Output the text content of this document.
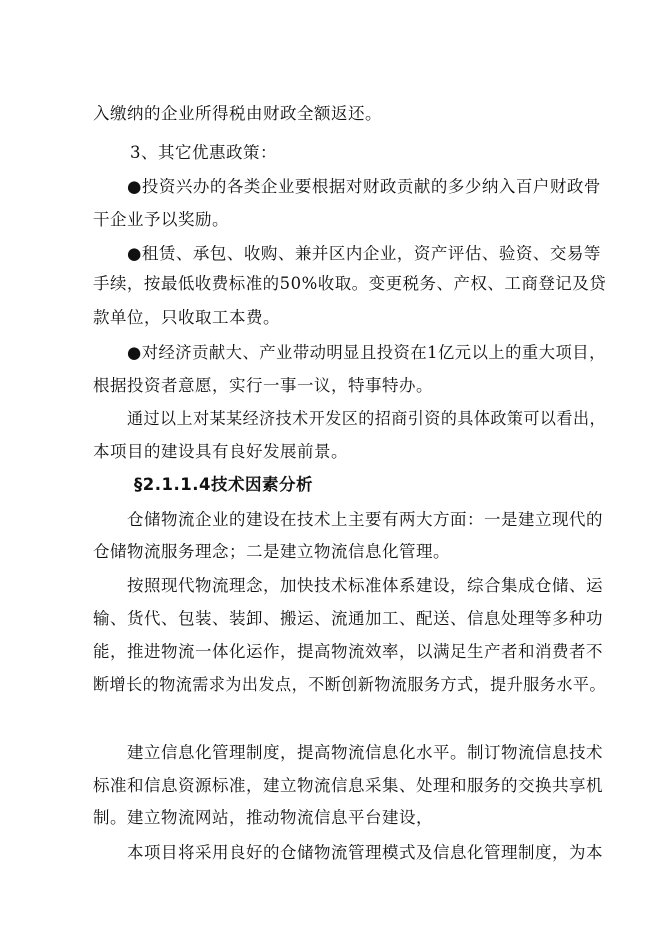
入缴纳的企业所得税由财政全额返还。
3、其它优惠政策：
●投资兴办的各类企业要根据对财政贡献的多少纳入百户财政骨
干企业予以奖励。
●租赁、承包、收购、兼并区内企业，资产评估、验资、交易等
手续，按最低收费标准的50%收取。变更税务、产权、工商登记及贷
款单位，只收取工本费。
●对经济贡献大、产业带动明显且投资在1亿元以上的重大项目，
根据投资者意愿，实行一事一议，特事特办。
通过以上对某某经济技术开发区的招商引资的具体政策可以看出，
本项目的建设具有良好发展前景。
§2.1.1.4技术因素分析
仓储物流企业的建设在技术上主要有两大方面：一是建立现代的
仓储物流服务理念；二是建立物流信息化管理。
按照现代物流理念，加快技术标准体系建设，综合集成仓储、运
输、货代、包装、装卸、搬运、流通加工、配送、信息处理等多种功
能，推进物流一体化运作，提高物流效率，以满足生产者和消费者不
断增长的物流需求为出发点，不断创新物流服务方式，提升服务水平。
建立信息化管理制度，提高物流信息化水平。制订物流信息技术
标准和信息资源标准，建立物流信息采集、处理和服务的交换共享机
制。建立物流网站，推动物流信息平台建设，
本项目将采用良好的仓储物流管理模式及信息化管理制度，为本
